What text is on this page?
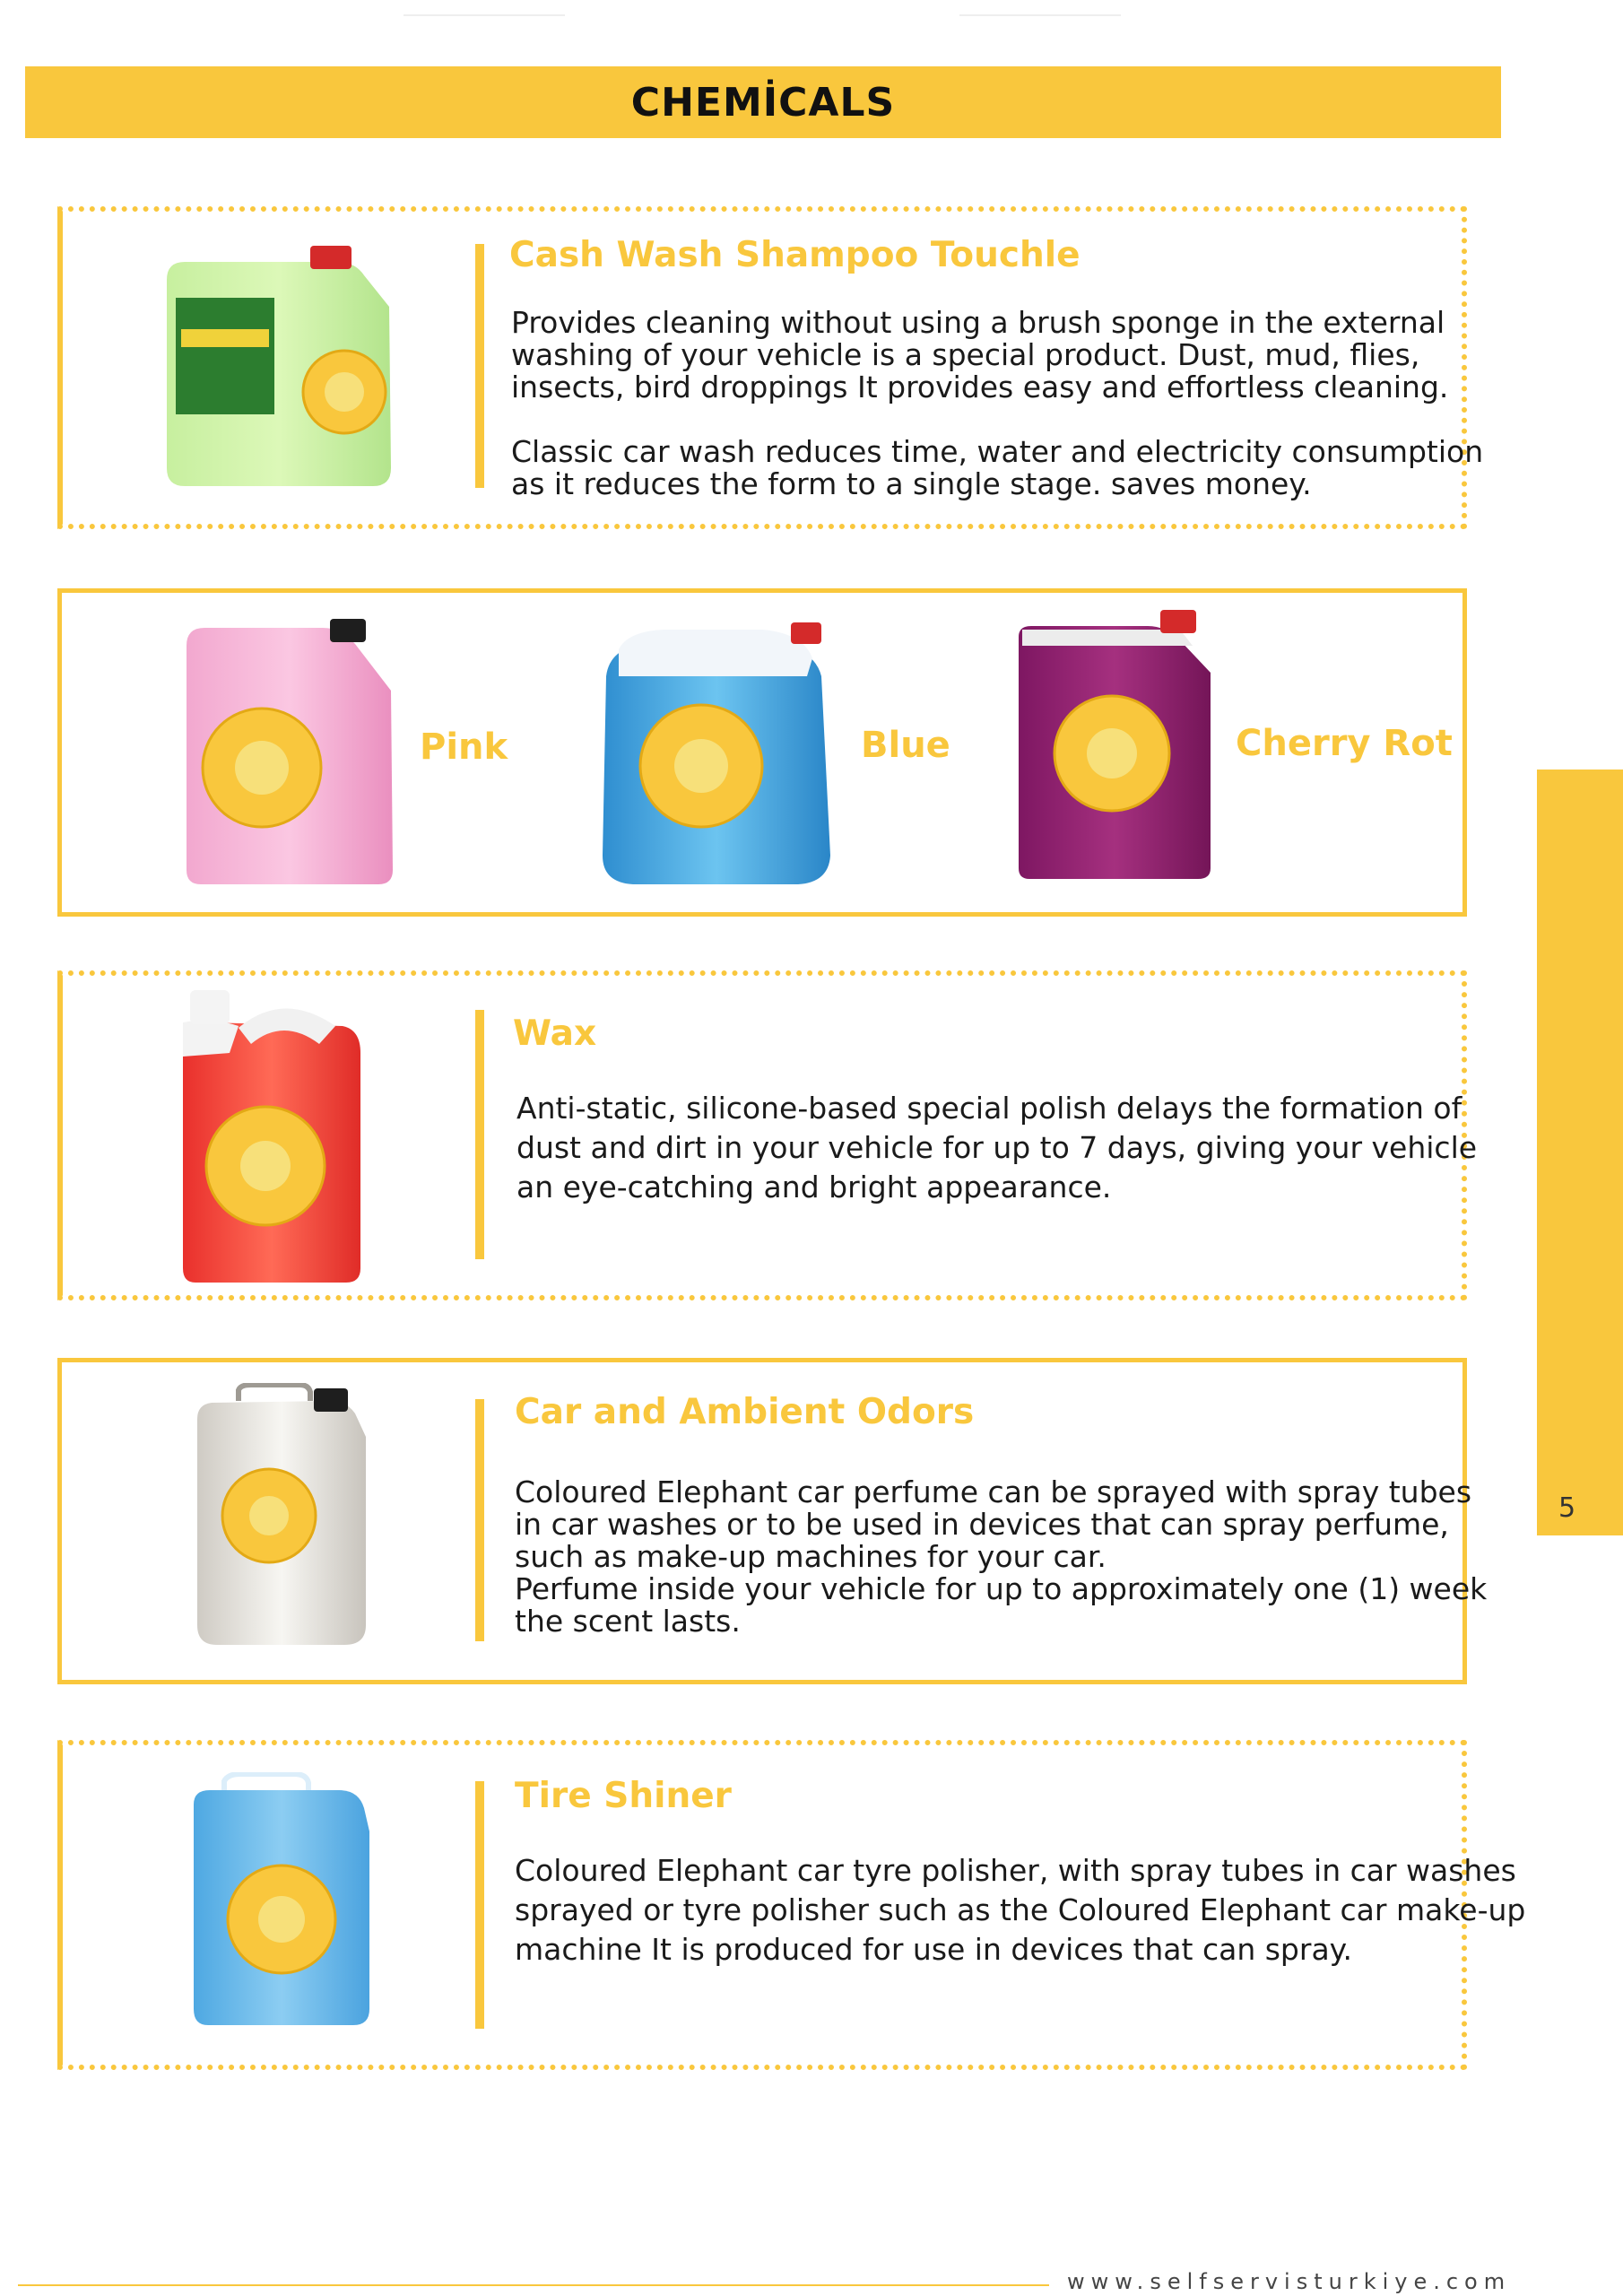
CHEMİCALS
Cash Wash Shampoo Touchle
Provides cleaning without using a brush sponge in the external
washing of your vehicle is a special product. Dust, mud, flies,
insects, bird droppings It provides easy and effortless cleaning.

Classic car wash reduces time, water and electricity consumption
as it reduces the form to a single stage. saves money.
Pink	Blue	Cherry Rot
Wax
Anti-static, silicone-based special polish delays the formation of
dust and dirt in your vehicle for up to 7 days, giving your vehicle
an eye-catching and bright appearance.
Car and Ambient Odors
Coloured Elephant car perfume can be sprayed with spray tubes
in car washes or to be used in devices that can spray perfume,
such as make-up machines for your car.
Perfume inside your vehicle for up to approximately one (1) week
the scent lasts.
Tire Shiner
Coloured Elephant car tyre polisher, with spray tubes in car washes
sprayed or tyre polisher such as the Coloured Elephant car make-up
machine It is produced for use in devices that can spray.
5
www.selfservisturkiye.com
